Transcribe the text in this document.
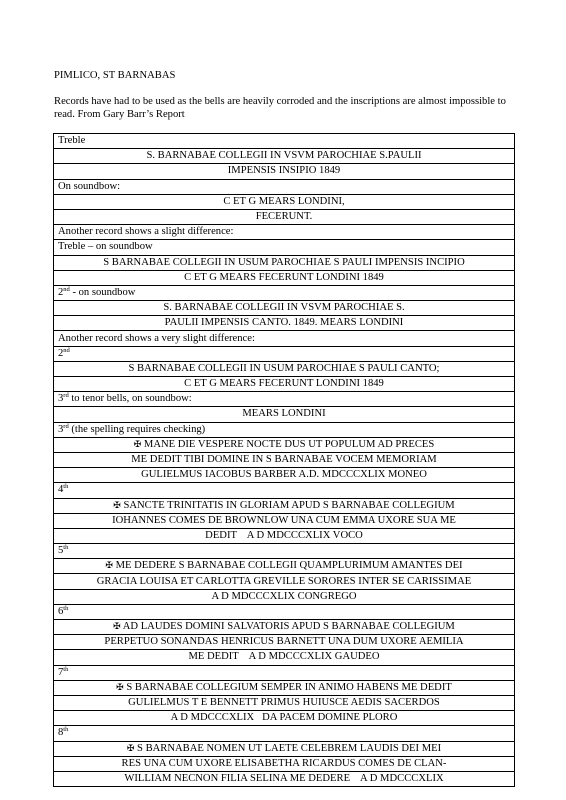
PIMLICO, ST BARNABAS
Records have had to be used as the bells are heavily corroded and the inscriptions are almost impossible to read. From Gary Barr’s Report
Treble
S. BARNABAE COLLEGII IN VSVM PAROCHIAE S.PAULII
IMPENSIS INSIPIO 1849
On soundbow:
C ET G MEARS LONDINI,
FECERUNT.
Another record shows a slight difference:
Treble – on soundbow
S BARNABAE COLLEGII IN USUM PAROCHIAE S PAULI IMPENSIS INCIPIO
C ET G MEARS FECERUNT LONDINI 1849
2nd - on soundbow
S. BARNABAE COLLEGII IN VSVM PAROCHIAE S.
PAULII IMPENSIS CANTO. 1849. MEARS LONDINI
Another record shows a very slight difference:
2nd
S BARNABAE COLLEGII IN USUM PAROCHIAE S PAULI CANTO;
C ET G MEARS FECERUNT LONDINI 1849
3rd to tenor bells, on soundbow:
MEARS LONDINI
3rd (the spelling requires checking)
✠ MANE DIE VESPERE NOCTE DUS UT POPULUM AD PRECES
ME DEDIT TIBI DOMINE IN S BARNABAE VOCEM MEMORIAM
GULIELMUS IACOBUS BARBER A.D. MDCCCXLIX MONEO
4th
✠ SANCTE TRINITATIS IN GLORIAM APUD S BARNABAE COLLEGIUM
IOHANNES COMES DE BROWNLOW UNA CUM EMMA UXORE SUA ME
DEDIT    A D MDCCCXLIX VOCO
5th
✠ ME DEDERE S BARNABAE COLLEGII QUAMPLURIMUM AMANTES DEI
GRACIA LOUISA ET CARLOTTA GREVILLE SORORES INTER SE CARISSIMAE
A D MDCCCXLIX CONGREGO
6th
✠ AD LAUDES DOMINI SALVATORIS APUD S BARNABAE COLLEGIUM
PERPETUO SONANDAS HENRICUS BARNETT UNA DUM UXORE AEMILIA
ME DEDIT    A D MDCCCXLIX GAUDEO
7th
✠ S BARNABAE COLLEGIUM SEMPER IN ANIMO HABENS ME DEDIT
GULIELMUS T E BENNETT PRIMUS HUIUSCE AEDIS SACERDOS
A D MDCCCXLIX   DA PACEM DOMINE PLORO
8th
✠ S BARNABAE NOMEN UT LAETE CELEBREM LAUDIS DEI MEI
RES UNA CUM UXORE ELISABETHA RICARDUS COMES DE CLAN-
WILLIAM NECNON FILIA SELINA ME DEDERE    A D MDCCCXLIX
